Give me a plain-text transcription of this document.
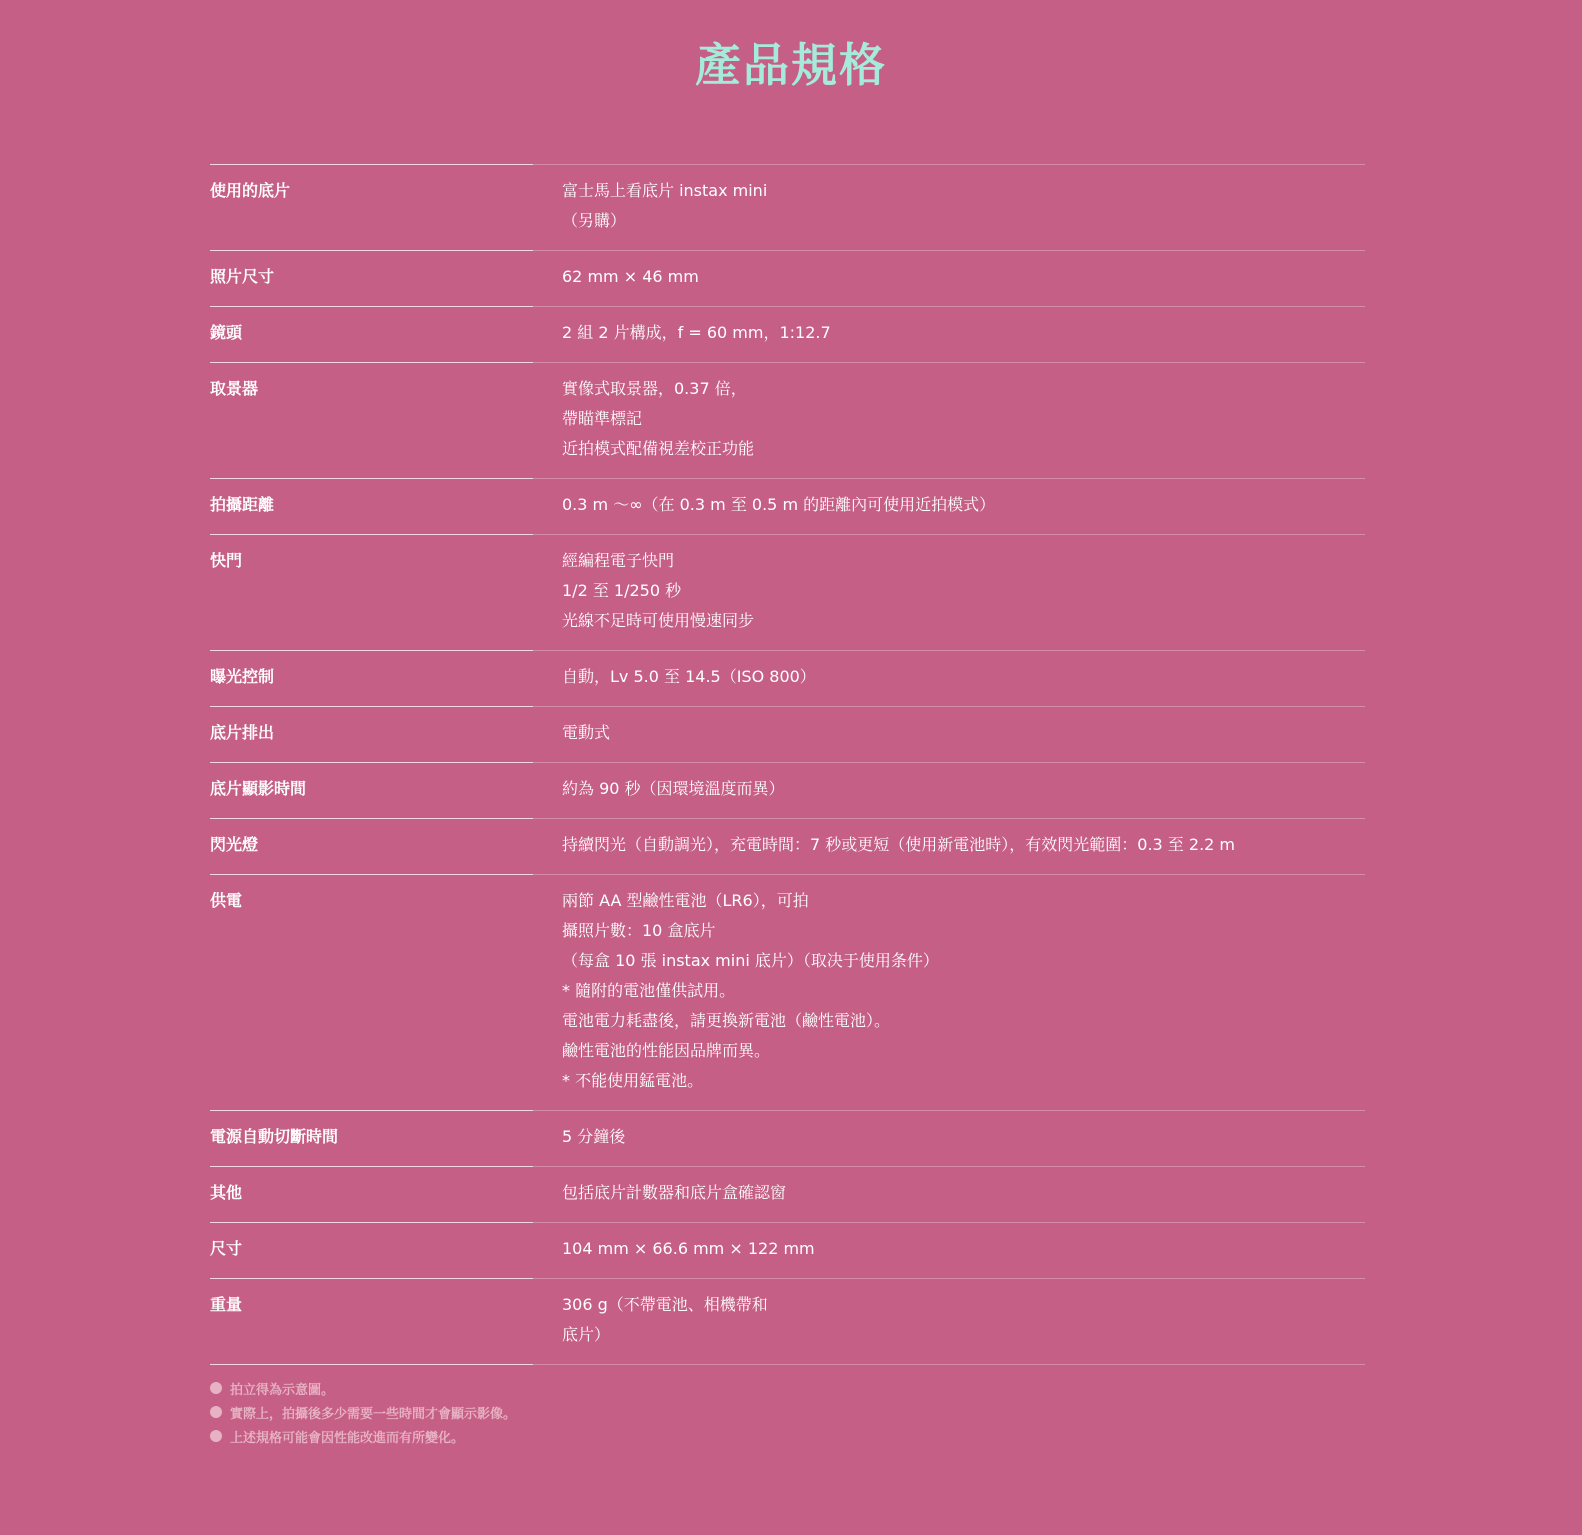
產品規格
使用的底片	富士馬上看底片 instax mini
（另購）
照片尺寸	62 mm × 46 mm
鏡頭	2 組 2 片構成，f = 60 mm，1:12.7
取景器	實像式取景器，0.37 倍，
帶瞄準標記
近拍模式配備視差校正功能
拍攝距離	0.3 m ～∞（在 0.3 m 至 0.5 m 的距離內可使用近拍模式）
快門	經編程電子快門
1/2 至 1/250 秒
光線不足時可使用慢速同步
曝光控制	自動，Lv 5.0 至 14.5（ISO 800）
底片排出	電動式
底片顯影時間	約為 90 秒（因環境溫度而異）
閃光燈	持續閃光（自動調光），充電時間：7 秒或更短（使用新電池時），有效閃光範圍：0.3 至 2.2 m
供電	兩節 AA 型鹼性電池（LR6），可拍
攝照片數：10 盒底片
（每盒 10 張 instax mini 底片）（取决于使用条件）
* 隨附的電池僅供試用。
電池電力耗盡後，請更換新電池（鹼性電池）。
鹼性電池的性能因品牌而異。
* 不能使用錳電池。
電源自動切斷時間	5 分鐘後
其他	包括底片計數器和底片盒確認窗
尺寸	104 mm × 66.6 mm × 122 mm
重量	306 g（不帶電池、相機帶和
底片）
拍立得為示意圖。
實際上，拍攝後多少需要一些時間才會顯示影像。
上述規格可能會因性能改進而有所變化。
